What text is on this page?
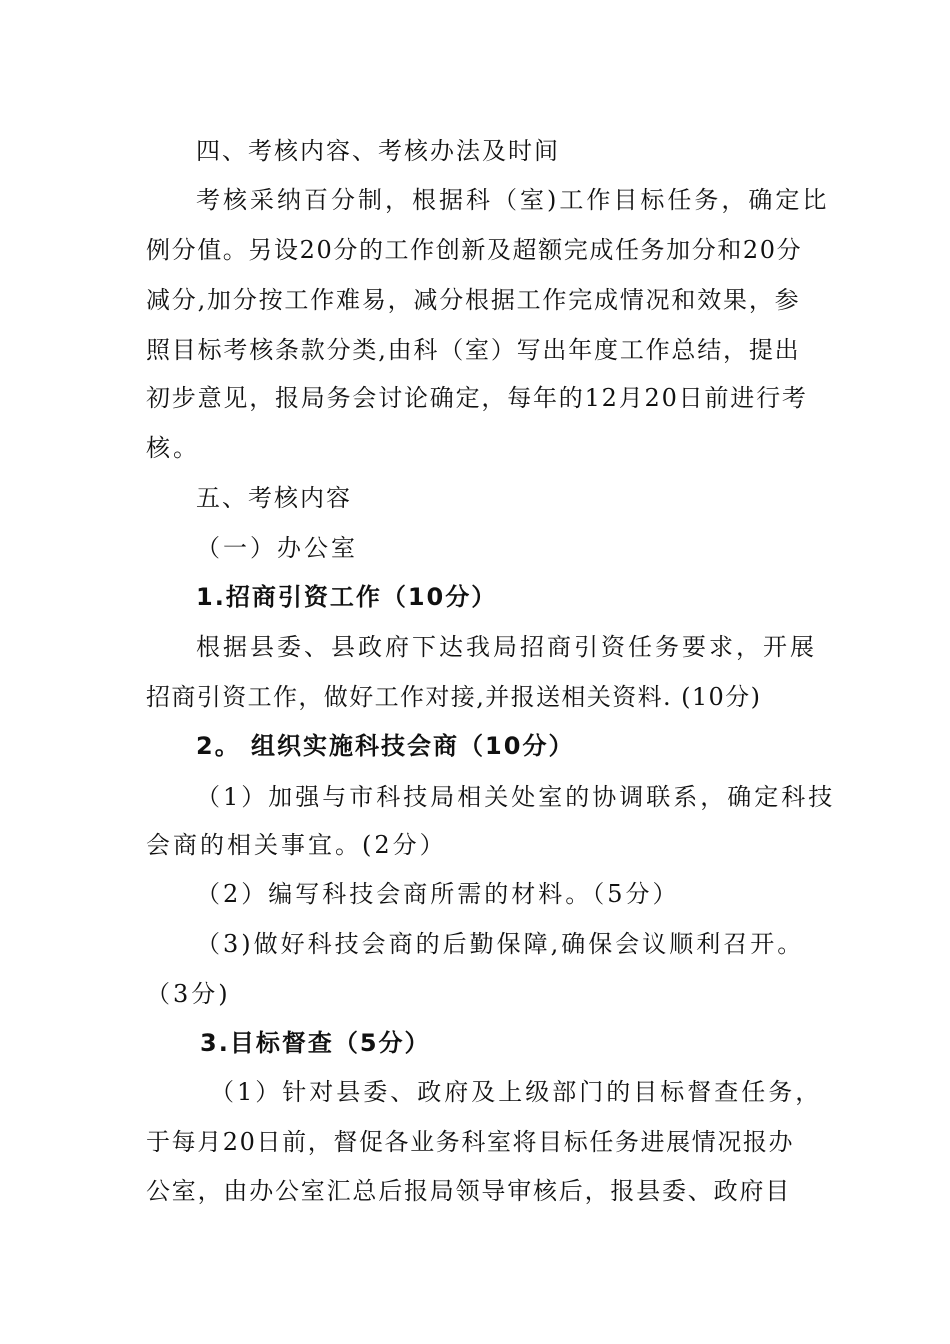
四、考核内容、考核办法及时间
考核采纳百分制，根据科（室)工作目标任务，确定比
例分值。另设20分的工作创新及超额完成任务加分和20分
减分,加分按工作难易，减分根据工作完成情况和效果，参
照目标考核条款分类,由科（室）写出年度工作总结，提出
初步意见，报局务会讨论确定，每年的12月20日前进行考
核。
五、考核内容
（一）办公室
1.招商引资工作（10分）
根据县委、县政府下达我局招商引资任务要求，开展
招商引资工作，做好工作对接,并报送相关资料. (10分)
2。 组织实施科技会商（10分）
（1）加强与市科技局相关处室的协调联系，确定科技
会商的相关事宜。(2分）
（2）编写科技会商所需的材料。（5分）
（3)做好科技会商的后勤保障,确保会议顺利召开。
（3分)
3.目标督查（5分）
（1）针对县委、政府及上级部门的目标督查任务，
于每月20日前，督促各业务科室将目标任务进展情况报办
公室，由办公室汇总后报局领导审核后，报县委、政府目
